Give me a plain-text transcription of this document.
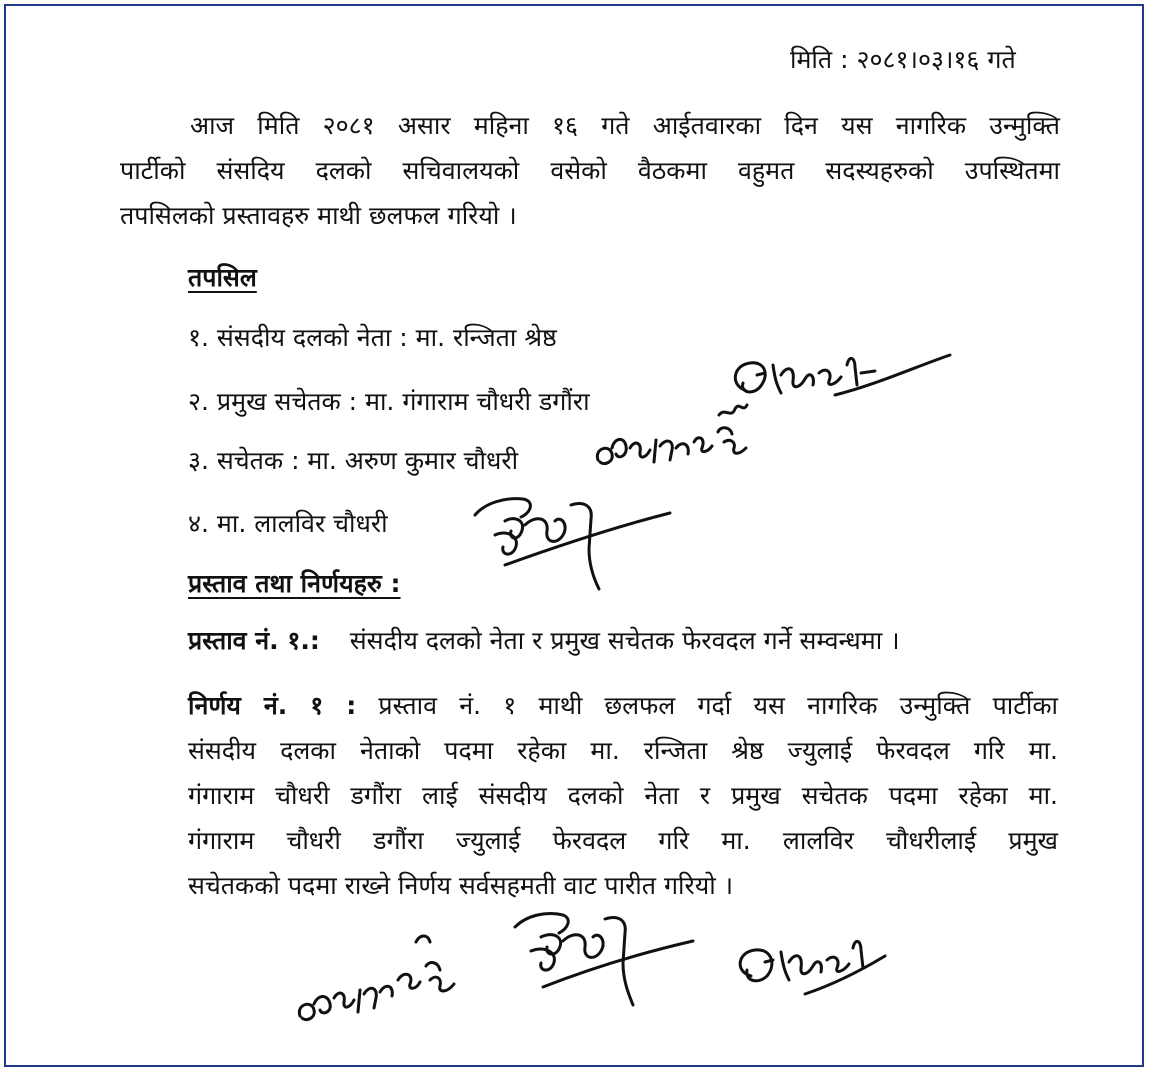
मिति : २०८१।०३।१६ गते
आज मिति २०८१ असार महिना १६ गते आईतवारका दिन यस नागरिक उन्मुक्ति
पार्टीको संसदिय दलको सचिवालयको वसेको वैठकमा वहुमत सदस्यहरुको उपस्थितमा
तपसिलको प्रस्तावहरु माथी छलफल गरियो ।
तपसिल
१. संसदीय दलको नेता : मा. रन्जिता श्रेष्ठ
२. प्रमुख सचेतक : मा. गंगाराम चौधरी डगौंरा
३. सचेतक : मा. अरुण कुमार चौधरी
४. मा. लालविर चौधरी
प्रस्ताव तथा निर्णयहरु :
प्रस्ताव नं. १.: संसदीय दलको नेता र प्रमुख सचेतक फेरवदल गर्ने सम्वन्धमा ।
निर्णय नं. १ : प्रस्ताव नं. १ माथी छलफल गर्दा यस नागरिक उन्मुक्ति पार्टीका
संसदीय दलका नेताको पदमा रहेका मा. रन्जिता श्रेष्ठ ज्युलाई फेरवदल गरि मा.
गंगाराम चौधरी डगौंरा लाई संसदीय दलको नेता र प्रमुख सचेतक पदमा रहेका मा.
गंगाराम चौधरी डगौंरा ज्युलाई फेरवदल गरि मा. लालविर चौधरीलाई प्रमुख
सचेतकको पदमा राख्ने निर्णय सर्वसहमती वाट पारीत गरियो ।
